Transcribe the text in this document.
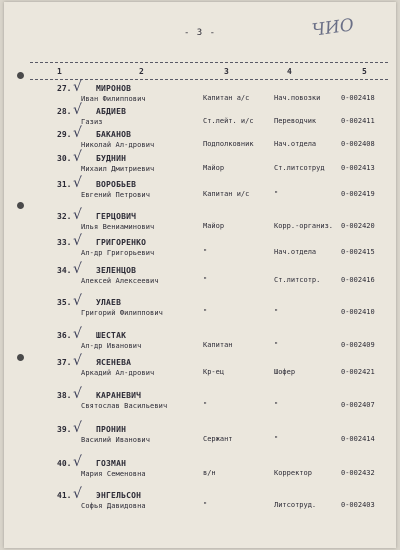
- 3 -	ЧИО
1	2	3	4	5
27. √ МИРОНОВ
Иван Филиппович	Капитан а/с	Нач.повозки	0-002418
28. √ АБДИЕВ
Газиз	Ст.лейт. и/с	Переводчик	0-002411
29. √ БАКАНОВ
Николай Ал-дрович	Подполковник	Нач.отдела	0-002408
30. √ БУДНИН
Михаил Дмитриевич	Майор	Ст.литсотруд 0-002413
31. √ ВОРОБЬЕВ
Евгений Петрович	Капитан и/с	"	0-002419
32. √ ГЕРЦОВИЧ
Илья Вениаминович	Майор	Корр.-организ. 0-002420
33. √ ГРИГОРЕНКО
Ал-др Григорьевич	"	Нач.отдела	0-002415
34. √ ЗЕЛЕНЦОВ
Алексей Алексеевич	"	Ст.литсотр.	0-002416
35. √ УЛАЕВ
Григорий Филиппович	"	"	0-002410
36. √ ШЕСТАК
Ал-др Иванович	Капитан	"	0-002409
37. √ ЯСЕНЕВА
Аркадий Ал-дрович	Кр-ец	Шофер	0-002421
38. √ КАРАНЕВИЧ
Святослав Васильевич	"	"	0-002407
39. √ ПРОНИН
Василий Иванович	Сержант	"	0-002414
40. √ ГОЗМАН
Мария Семеновна	в/н	Корректор	0-002432
41. √ ЭНГЕЛЬСОН
Софья Давидовна	"	Литсотруд.	0-002403
